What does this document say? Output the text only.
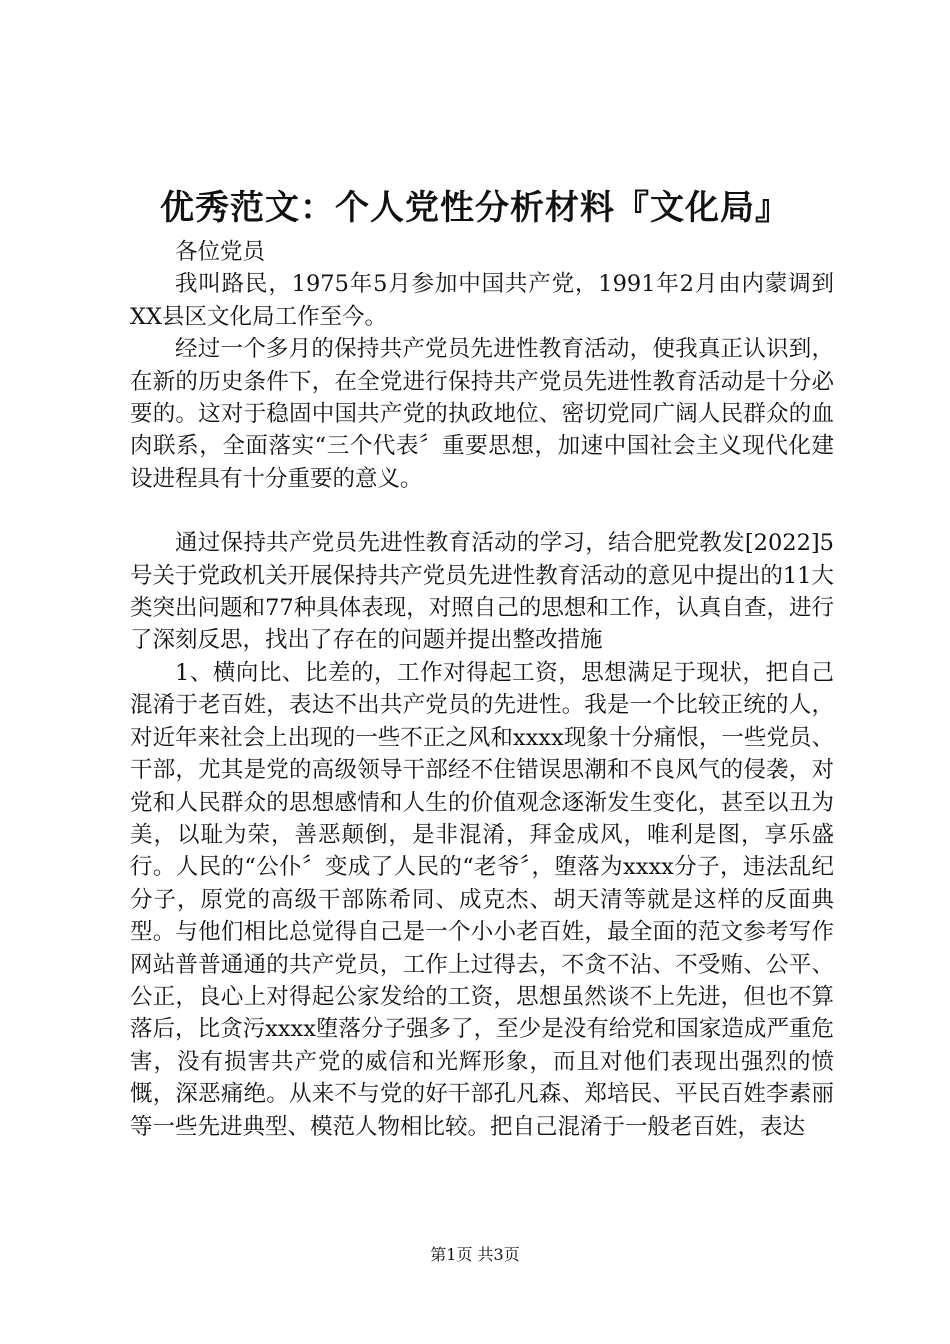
优秀范文：个人党性分析材料『文化局』

各位党员

我叫路民，1975年5月参加中国共产党，1991年2月由内蒙调到XX县区文化局工作至今。

经过一个多月的保持共产党员先进性教育活动，使我真正认识到，在新的历史条件下，在全党进行保持共产党员先进性教育活动是十分必要的。这对于稳固中国共产党的执政地位、密切党同广阔人民群众的血肉联系，全面落实“三个代表〞重要思想，加速中国社会主义现代化建设进程具有十分重要的意义。

通过保持共产党员先进性教育活动的学习，结合肥党教发[2022]5号关于党政机关开展保持共产党员先进性教育活动的意见中提出的11大类突出问题和77种具体表现，对照自己的思想和工作，认真自查，进行了深刻反思，找出了存在的问题并提出整改措施

1、横向比、比差的，工作对得起工资，思想满足于现状，把自己混淆于老百姓，表达不出共产党员的先进性。我是一个比较正统的人，对近年来社会上出现的一些不正之风和xxxx现象十分痛恨，一些党员、干部，尤其是党的高级领导干部经不住错误思潮和不良风气的侵袭，对党和人民群众的思想感情和人生的价值观念逐渐发生变化，甚至以丑为美，以耻为荣，善恶颠倒，是非混淆，拜金成风，唯利是图，享乐盛行。人民的“公仆〞变成了人民的“老爷〞，堕落为xxxx分子，违法乱纪分子，原党的高级干部陈希同、成克杰、胡天清等就是这样的反面典型。与他们相比总觉得自己是一个小小老百姓，最全面的范文参考写作网站普普通通的共产党员，工作上过得去，不贪不沾、不受贿、公平、公正，良心上对得起公家发给的工资，思想虽然谈不上先进，但也不算落后，比贪污xxxx堕落分子强多了，至少是没有给党和国家造成严重危害，没有损害共产党的威信和光辉形象，而且对他们表现出强烈的愤慨，深恶痛绝。从来不与党的好干部孔凡森、郑培民、平民百姓李素丽等一些先进典型、模范人物相比较。把自己混淆于一般老百姓，表达

第1页 共3页
